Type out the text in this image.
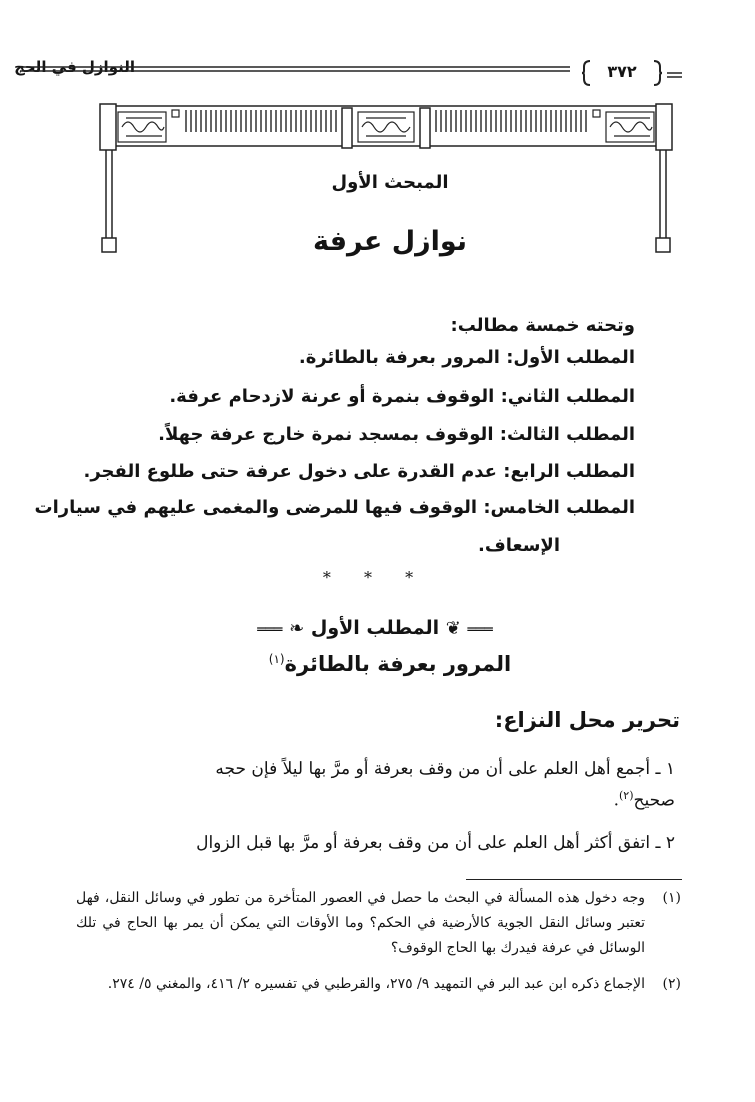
النوازل في الحج	٣٧٢
المبحث الأول
نوازل عرفة
وتحته خمسة مطالب:
المطلب الأول: المرور بعرفة بالطائرة.
المطلب الثاني: الوقوف بنمرة أو عرنة لازدحام عرفة.
المطلب الثالث: الوقوف بمسجد نمرة خارج عرفة جهلاً.
المطلب الرابع: عدم القدرة على دخول عرفة حتى طلوع الفجر.
المطلب الخامس: الوقوف فيها للمرضى والمغمى عليهم في سيارات
الإسعاف.
* * *
═══ ❦ المطلب الأول ❧ ═══
المرور بعرفة بالطائرة$^{(١)}$
تحرير محل النزاع:
١ ـ أجمع أهل العلم على أن من وقف بعرفة أو مرَّ بها ليلاً فإن حجه
صحيح$^{(٢)}$.
٢ ـ اتفق أكثر أهل العلم على أن من وقف بعرفة أو مرَّ بها قبل الزوال
(١)
وجه دخول هذه المسألة في البحث ما حصل في العصور المتأخرة من تطور في وسائل النقل، فهل تعتبر وسائل النقل الجوية كالأرضية في الحكم؟ وما الأوقات التي يمكن أن يمر بها الحاج في تلك الوسائل في عرفة فيدرك بها الحاج الوقوف؟
(٢)
الإجماع ذكره ابن عبد البر في التمهيد ٩/ ٢٧٥، والقرطبي في تفسيره ٢/ ٤١٦، والمغني ٥/ ٢٧٤.
